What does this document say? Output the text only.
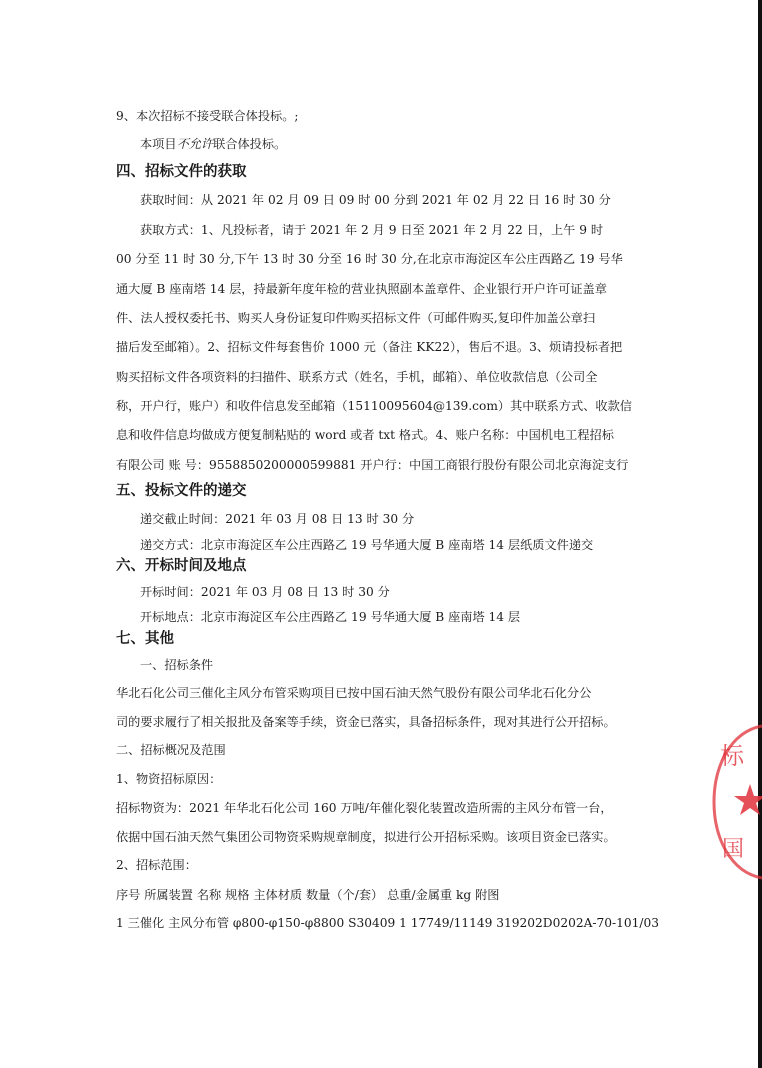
9、本次招标不接受联合体投标。;
本项目不允许联合体投标。
四、招标文件的获取
获取时间：从 2021 年 02 月 09 日 09 时 00 分到 2021 年 02 月 22 日 16 时 30 分
获取方式：1、凡投标者，请于 2021 年 2 月 9 日至 2021 年 2 月 22 日，上午 9 时
00 分至 11 时 30 分,下午 13 时 30 分至 16 时 30 分,在北京市海淀区车公庄西路乙 19 号华
通大厦 B 座南塔 14 层，持最新年度年检的营业执照副本盖章件、企业银行开户许可证盖章
件、法人授权委托书、购买人身份证复印件购买招标文件（可邮件购买,复印件加盖公章扫
描后发至邮箱）。2、招标文件每套售价 1000 元（备注 KK22），售后不退。3、烦请投标者把
购买招标文件各项资料的扫描件、联系方式（姓名，手机，邮箱）、单位收款信息（公司全
称，开户行，账户）和收件信息发至邮箱（15110095604@139.com）其中联系方式、收款信
息和收件信息均做成方便复制粘贴的 word 或者 txt 格式。4、账户名称：中国机电工程招标
有限公司 账 号：9558850200000599881 开户行：中国工商银行股份有限公司北京海淀支行
五、投标文件的递交
递交截止时间：2021 年 03 月 08 日 13 时 30 分
递交方式：北京市海淀区车公庄西路乙 19 号华通大厦 B 座南塔 14 层纸质文件递交
六、开标时间及地点
开标时间：2021 年 03 月 08 日 13 时 30 分
开标地点：北京市海淀区车公庄西路乙 19 号华通大厦 B 座南塔 14 层
七、其他
一、招标条件
华北石化公司三催化主风分布管采购项目已按中国石油天然气股份有限公司华北石化分公
司的要求履行了相关报批及备案等手续，资金已落实，具备招标条件，现对其进行公开招标。
二、招标概况及范围
1、物资招标原因：
招标物资为：2021 年华北石化公司 160 万吨/年催化裂化装置改造所需的主风分布管一台，
依据中国石油天然气集团公司物资采购规章制度，拟进行公开招标采购。该项目资金已落实。
2、招标范围：
序号 所属装置 名称 规格 主体材质 数量（个/套） 总重/金属重 kg 附图
1 三催化 主风分布管 φ800-φ150-φ8800 S30409 1 17749/11149 319202D0202A-70-101/03
标
国
